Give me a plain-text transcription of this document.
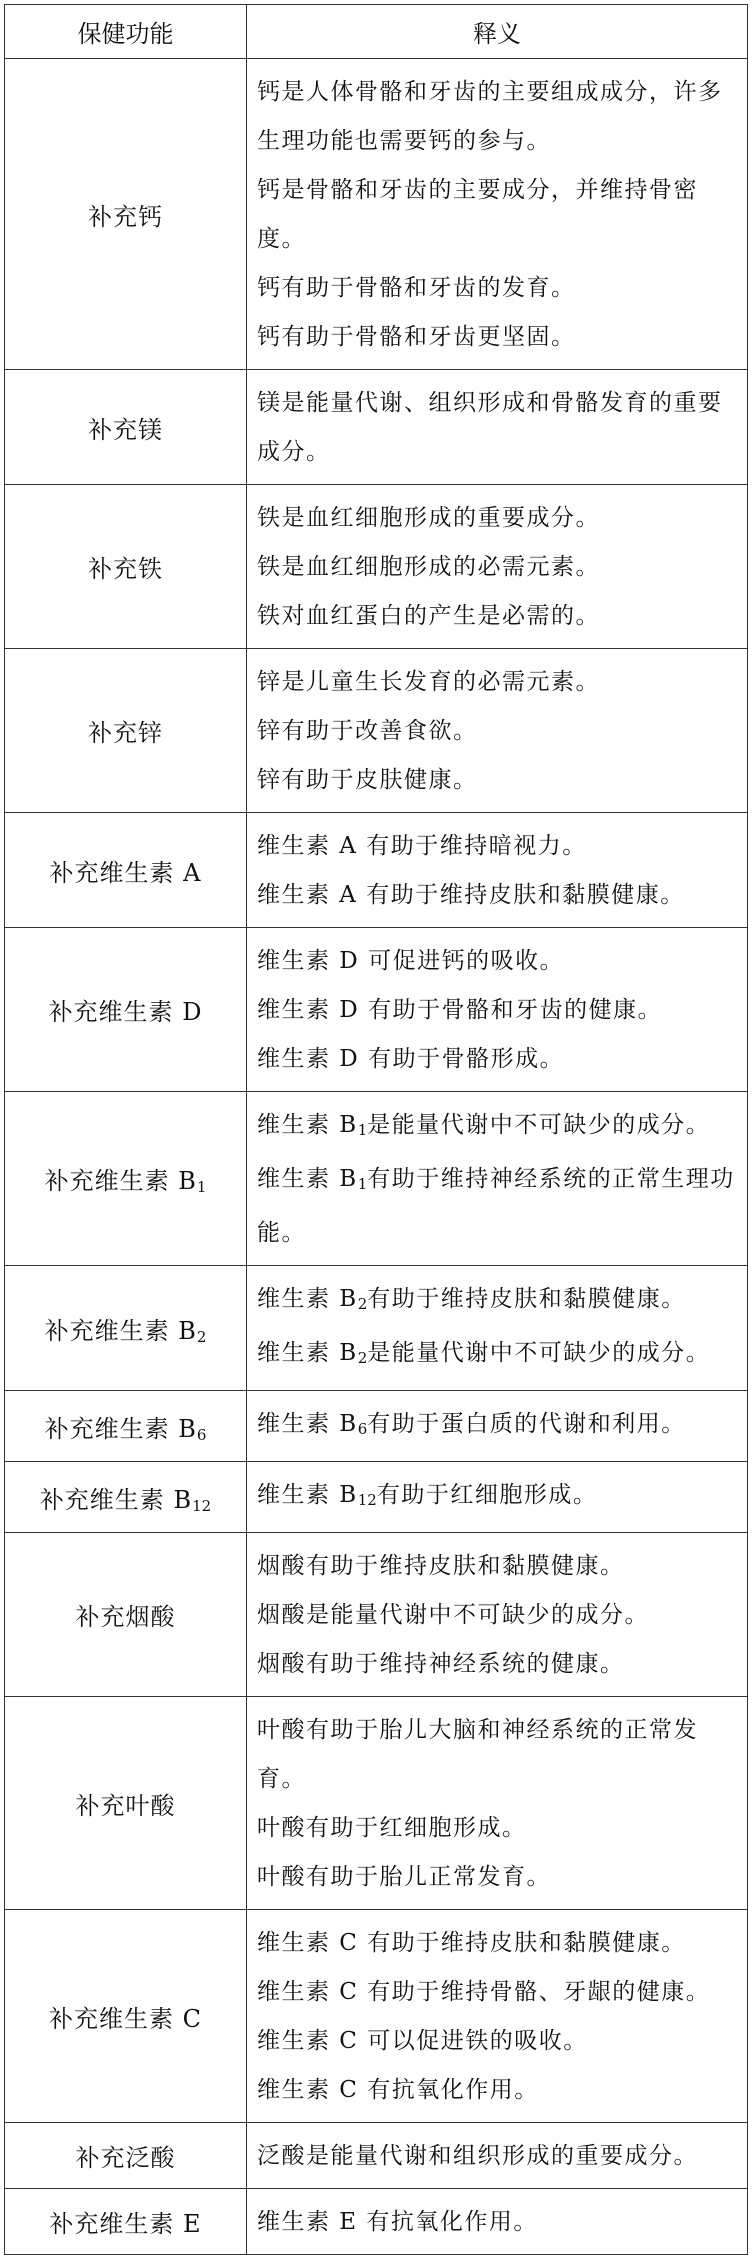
保健功能	释义
补充钙	钙是人体骨骼和牙齿的主要组成成分，许多生理功能也需要钙的参与。
钙是骨骼和牙齿的主要成分，并维持骨密度。
钙有助于骨骼和牙齿的发育。
钙有助于骨骼和牙齿更坚固。

补充镁	镁是能量代谢、组织形成和骨骼发育的重要成分。

补充铁	铁是血红细胞形成的重要成分。
铁是血红细胞形成的必需元素。
铁对血红蛋白的产生是必需的。

补充锌	锌是儿童生长发育的必需元素。
锌有助于改善食欲。
锌有助于皮肤健康。

补充维生素 A	维生素 A 有助于维持暗视力。
维生素 A 有助于维持皮肤和黏膜健康。

补充维生素 D	维生素 D 可促进钙的吸收。
维生素 D 有助于骨骼和牙齿的健康。
维生素 D 有助于骨骼形成。

补充维生素 $B_1$	维生素 $B_1$是能量代谢中不可缺少的成分。
维生素 $B_1$有助于维持神经系统的正常生理功能。

补充维生素 $B_2$	维生素 $B_2$有助于维持皮肤和黏膜健康。
维生素 $B_2$是能量代谢中不可缺少的成分。

补充维生素 $B_6$	维生素 $B_6$有助于蛋白质的代谢和利用。

补充维生素 $B_{12}$	维生素 $B_{12}$有助于红细胞形成。

补充烟酸	烟酸有助于维持皮肤和黏膜健康。
烟酸是能量代谢中不可缺少的成分。
烟酸有助于维持神经系统的健康。

补充叶酸	叶酸有助于胎儿大脑和神经系统的正常发育。
叶酸有助于红细胞形成。
叶酸有助于胎儿正常发育。

补充维生素 C	维生素 C 有助于维持皮肤和黏膜健康。
维生素 C 有助于维持骨骼、牙龈的健康。
维生素 C 可以促进铁的吸收。
维生素 C 有抗氧化作用。

补充泛酸	泛酸是能量代谢和组织形成的重要成分。

补充维生素 E	维生素 E 有抗氧化作用。
